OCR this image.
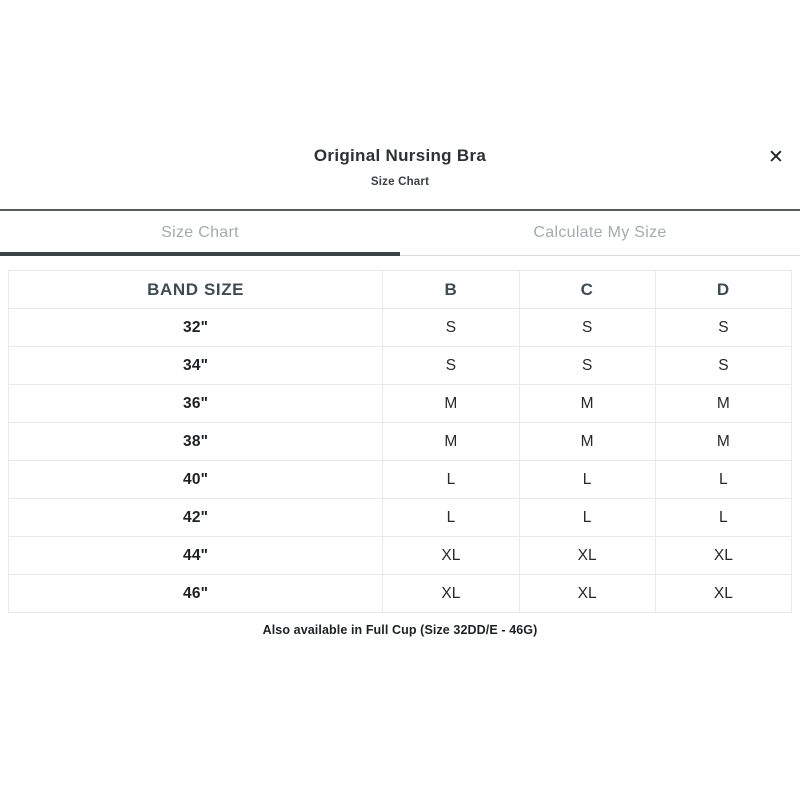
Original Nursing Bra
Size Chart
✕
Size Chart	Calculate My Size
BAND SIZE	B	C	D
32"	S	S	S
34"	S	S	S
36"	M	M	M
38"	M	M	M
40"	L	L	L
42"	L	L	L
44"	XL	XL	XL
46"	XL	XL	XL
Also available in Full Cup (Size 32DD/E - 46G)
